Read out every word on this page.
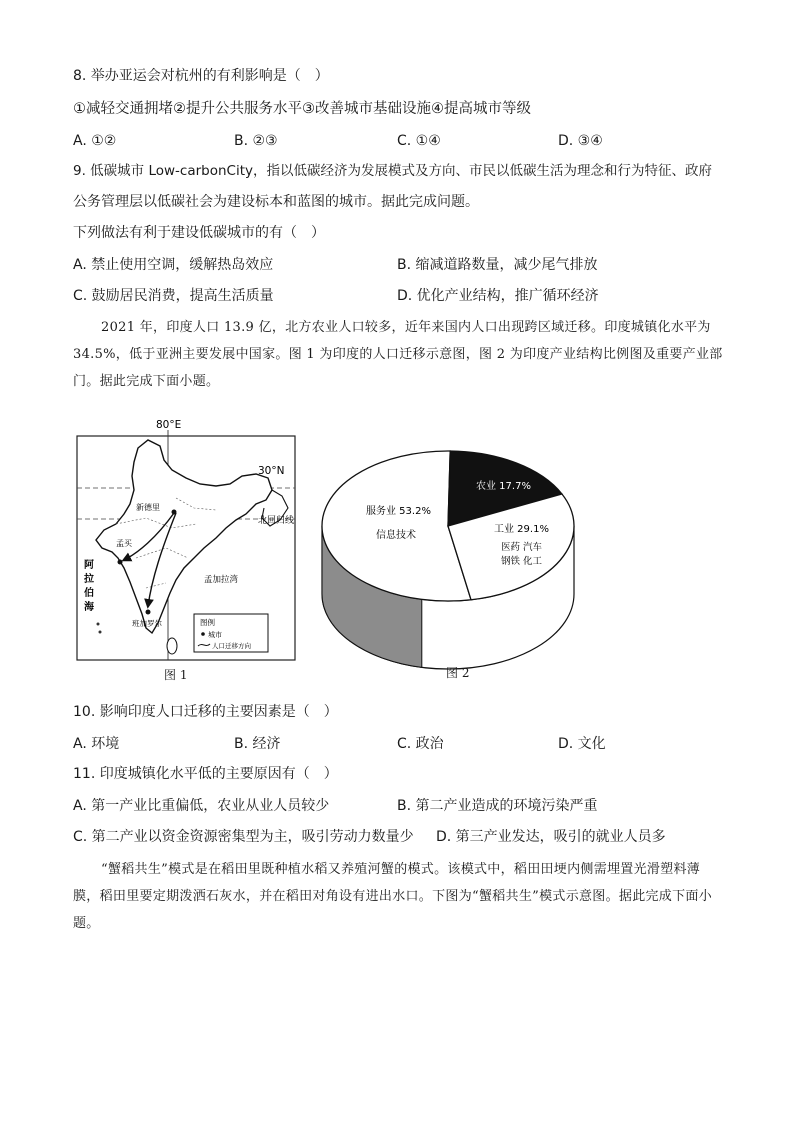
8. 举办亚运会对杭州的有利影响是（　）
①减轻交通拥堵②提升公共服务水平③改善城市基础设施④提高城市等级
A. ①②	B. ②③	C. ①④	D. ③④
9. 低碳城市 Low-carbonCity，指以低碳经济为发展模式及方向、市民以低碳生活为理念和行为特征、政府
公务管理层以低碳社会为建设标本和蓝图的城市。据此完成问题。
下列做法有利于建设低碳城市的有（　）
A. 禁止使用空调，缓解热岛效应	B. 缩减道路数量，减少尾气排放
C. 鼓励居民消费，提高生活质量	D. 优化产业结构，推广循环经济

2021 年，印度人口 13.9 亿，北方农业人口较多，近年来国内人口出现跨区域迁移。印度城镇化水平为 34.5%，低于亚洲主要发展中国家。图 1 为印度的人口迁移示意图，图 2 为印度产业结构比例图及重要产业部门。据此完成下面小题。

80°E
30°N
北回归线
新德里
孟买
班加罗尔
孟加拉湾
阿
拉
伯
海
图例
城市
人口迁移方向
图 1
服务业 53.2%
信息技术
农业 17.7%
工业 29.1%
医药 汽车
钢铁 化工
图 2
10. 影响印度人口迁移的主要因素是（　）
A. 环境	B. 经济	C. 政治	D. 文化
11. 印度城镇化水平低的主要原因有（　）
A. 第一产业比重偏低，农业从业人员较少	B. 第二产业造成的环境污染严重
C. 第二产业以资金资源密集型为主，吸引劳动力数量少 D. 第三产业发达，吸引的就业人员多

“蟹稻共生”模式是在稻田里既种植水稻又养殖河蟹的模式。该模式中，稻田田埂内侧需埋置光滑塑料薄膜，稻田里要定期泼洒石灰水，并在稻田对角设有进出水口。下图为“蟹稻共生”模式示意图。据此完成下面小题。
